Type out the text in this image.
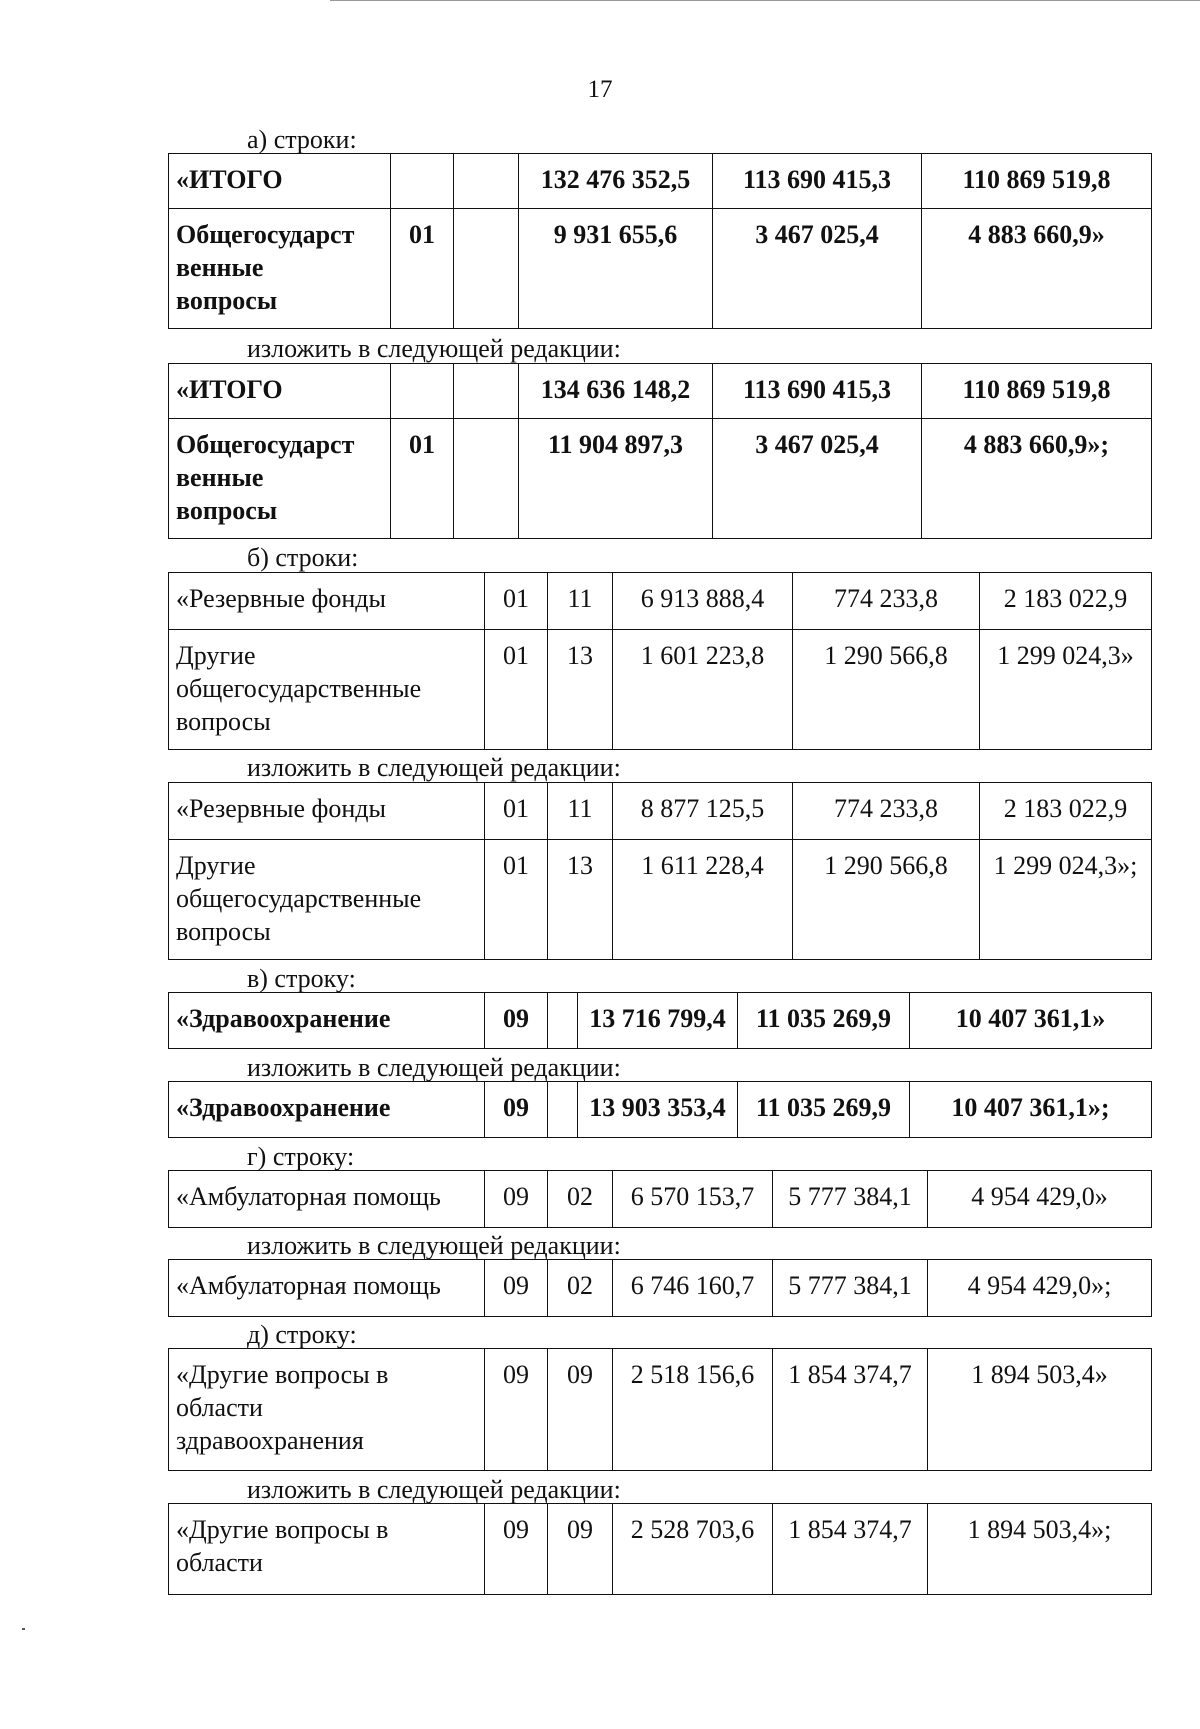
17
а) строки:
«ИТОГО			132 476 352,5	113 690 415,3	110 869 519,8
Общегосударст
венные
вопросы	01		9 931 655,6	3 467 025,4	4 883 660,9»
изложить в следующей редакции:
«ИТОГО			134 636 148,2	113 690 415,3	110 869 519,8
Общегосударст
венные
вопросы	01		11 904 897,3	3 467 025,4	4 883 660,9»;
б) строки:
«Резервные фонды	01	11	6 913 888,4	774 233,8	2 183 022,9
Другие
общегосударственные
вопросы	01	13	1 601 223,8	1 290 566,8	1 299 024,3»
изложить в следующей редакции:
«Резервные фонды	01	11	8 877 125,5	774 233,8	2 183 022,9
Другие
общегосударственные
вопросы	01	13	1 611 228,4	1 290 566,8	1 299 024,3»;
в) строку:
«Здравоохранение	09		13 716 799,4	11 035 269,9	10 407 361,1»
изложить в следующей редакции:
«Здравоохранение	09		13 903 353,4	11 035 269,9	10 407 361,1»;
г) строку:
«Амбулаторная помощь	09	02	6 570 153,7	5 777 384,1	4 954 429,0»
изложить в следующей редакции:
«Амбулаторная помощь	09	02	6 746 160,7	5 777 384,1	4 954 429,0»;
д) строку:
«Другие вопросы в
области
здравоохранения	09	09	2 518 156,6	1 854 374,7	1 894 503,4»
изложить в следующей редакции:
«Другие вопросы в
области	09	09	2 528 703,6	1 854 374,7	1 894 503,4»;
